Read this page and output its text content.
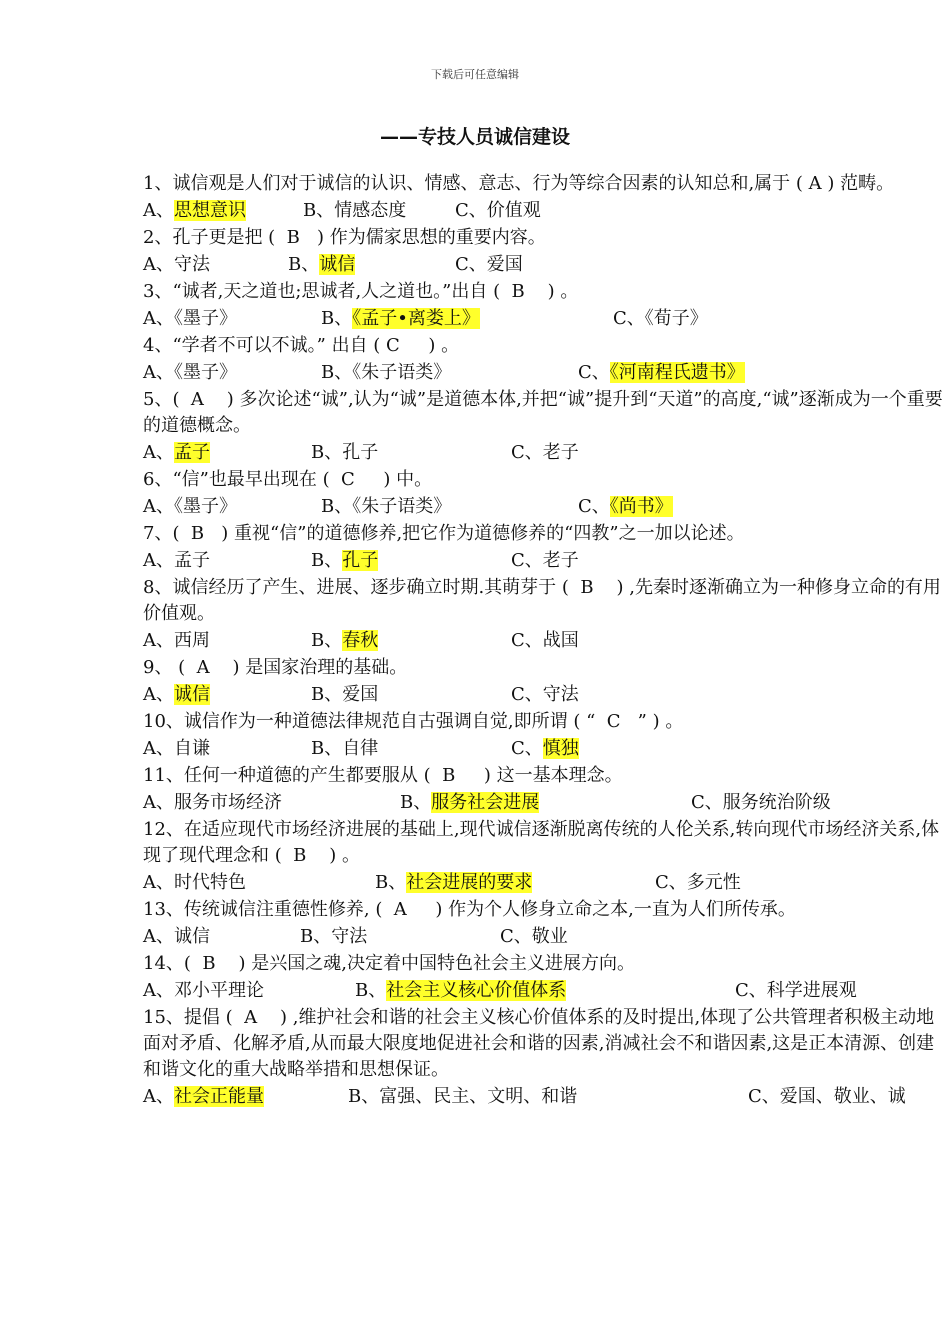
下载后可任意编辑
——专技人员诚信建设

1、诚信观是人们对于诚信的认识、情感、意志、行为等综合因素的认知总和,属于 ( A ) 范畴。

A、思想意识	B、情感态度	C、价值观

2、孔子更是把 (  B   ) 作为儒家思想的重要内容。

A、守法	B、诚信	C、爱国

3、“诚者,天之道也;思诚者,人之道也。”出自 (  B    ) 。

A、《墨子》	B、《孟子•离娄上》	C、《荀子》

4、“学者不可以不诚。” 出自 ( C     ) 。

A、《墨子》	B、《朱子语类》	C、《河南程氏遗书》

5、(  A    ) 多次论述“诚”,认为“诚”是道德本体,并把“诚”提升到“天道”的高度,“诚”逐渐成为一个重要的道德概念。

A、孟子	B、孔子	C、老子

6、“信”也最早出现在 (  C     ) 中。

A、《墨子》	B、《朱子语类》	C、《尚书》

7、(  B   ) 重视“信”的道德修养,把它作为道德修养的“四教”之一加以论述。

A、孟子	B、孔子	C、老子

8、诚信经历了产生、进展、逐步确立时期.其萌芽于 (  B    ) ,先秦时逐渐确立为一种修身立命的有用价值观。

A、西周	B、春秋	C、战国

9、 (  A    ) 是国家治理的基础。

A、诚信	B、爱国	C、守法

10、诚信作为一种道德法律规范自古强调自觉,即所谓 ( “  C   ” ) 。

A、自谦	B、自律	C、慎独

11、任何一种道德的产生都要服从 (  B     ) 这一基本理念。

A、服务市场经济	B、服务社会进展	C、服务统治阶级

12、在适应现代市场经济进展的基础上,现代诚信逐渐脱离传统的人伦关系,转向现代市场经济关系,体现了现代理念和 (  B    ) 。

A、时代特色	B、社会进展的要求	C、多元性

13、传统诚信注重德性修养, (  A     ) 作为个人修身立命之本,一直为人们所传承。

A、诚信	B、守法	C、敬业

14、(  B    ) 是兴国之魂,决定着中国特色社会主义进展方向。

A、邓小平理论	B、社会主义核心价值体系	C、科学进展观

15、提倡 (  A    ) ,维护社会和谐的社会主义核心价值体系的及时提出,体现了公共管理者积极主动地面对矛盾、化解矛盾,从而最大限度地促进社会和谐的因素,消减社会不和谐因素,这是正本清源、创建和谐文化的重大战略举措和思想保证。

A、社会正能量	B、富强、民主、文明、和谐	C、爱国、敬业、诚
